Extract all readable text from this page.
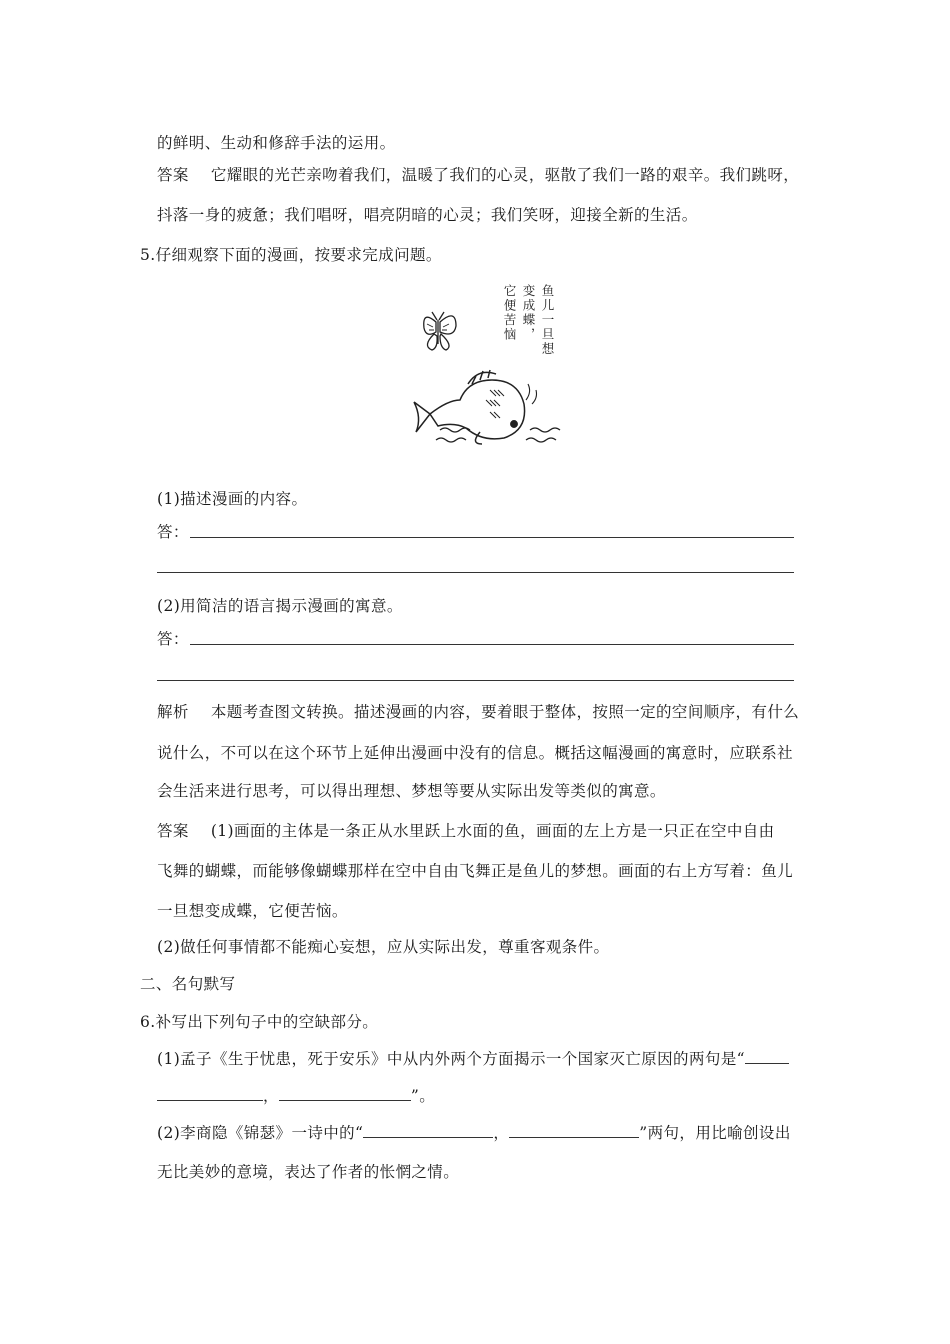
的鲜明、生动和修辞手法的运用。
答案 它耀眼的光芒亲吻着我们，温暖了我们的心灵，驱散了我们一路的艰辛。我们跳呀，
抖落一身的疲惫；我们唱呀，唱亮阴暗的心灵；我们笑呀，迎接全新的生活。
5.仔细观察下面的漫画，按要求完成问题。
鱼儿一旦想
变成蝶，
它便苦恼
(1)描述漫画的内容。
答：
(2)用简洁的语言揭示漫画的寓意。
答：
解析 本题考查图文转换。描述漫画的内容，要着眼于整体，按照一定的空间顺序，有什么
说什么，不可以在这个环节上延伸出漫画中没有的信息。概括这幅漫画的寓意时，应联系社
会生活来进行思考，可以得出理想、梦想等要从实际出发等类似的寓意。
答案 (1)画面的主体是一条正从水里跃上水面的鱼，画面的左上方是一只正在空中自由
飞舞的蝴蝶，而能够像蝴蝶那样在空中自由飞舞正是鱼儿的梦想。画面的右上方写着：鱼儿
一旦想变成蝶，它便苦恼。
(2)做任何事情都不能痴心妄想，应从实际出发，尊重客观条件。
二、名句默写
6.补写出下列句子中的空缺部分。
(1)孟子《生于忧患，死于安乐》中从内外两个方面揭示一个国家灭亡原因的两句是“
，	”。
(2)李商隐《锦瑟》一诗中的“	，	”两句，用比喻创设出
无比美妙的意境，表达了作者的怅惘之情。
